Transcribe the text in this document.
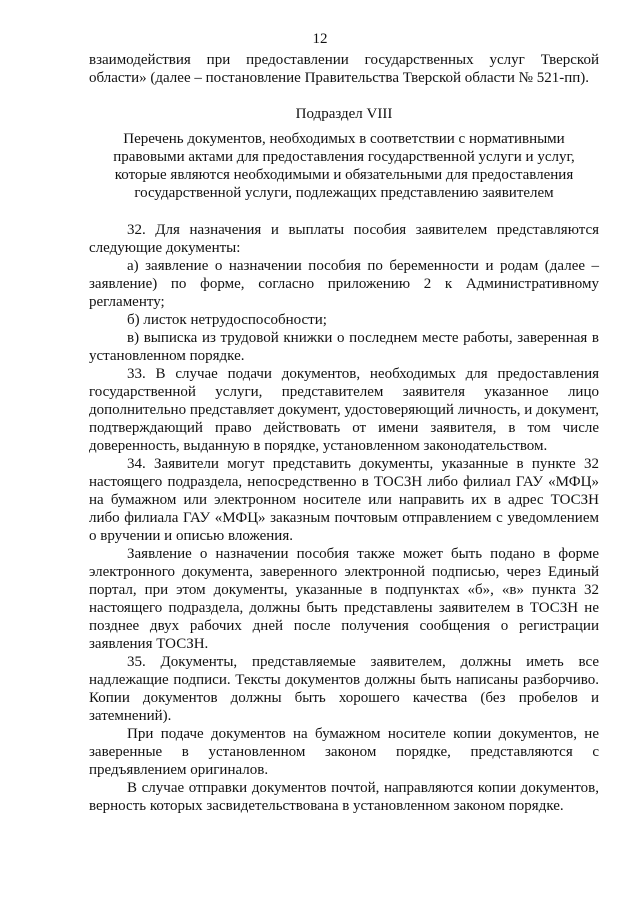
12

взаимодействия при предоставлении государственных услуг Тверской области» (далее – постановление Правительства Тверской области № 521-пп).

Подраздел VIII

Перечень документов, необходимых в соответствии с нормативными правовыми актами для предоставления государственной услуги и услуг, которые являются необходимыми и обязательными для предоставления государственной услуги, подлежащих представлению заявителем

32. Для назначения и выплаты пособия заявителем представляются следующие документы:

а) заявление о назначении пособия по беременности и родам (далее – заявление) по форме, согласно приложению 2 к Административному регламенту;

б) листок нетрудоспособности;

в) выписка из трудовой книжки о последнем месте работы, заверенная в установленном порядке.

33. В случае подачи документов, необходимых для предоставления государственной услуги, представителем заявителя указанное лицо дополнительно представляет документ, удостоверяющий личность, и документ, подтверждающий право действовать от имени заявителя, в том числе доверенность, выданную в порядке, установленном законодательством.

34. Заявители могут представить документы, указанные в пункте 32 настоящего подраздела, непосредственно в ТОСЗН либо филиал ГАУ «МФЦ» на бумажном или электронном носителе или направить их в адрес ТОСЗН либо филиала ГАУ «МФЦ» заказным почтовым отправлением с уведомлением о вручении и описью вложения.

Заявление о назначении пособия также может быть подано в форме электронного документа, заверенного электронной подписью, через Единый портал, при этом документы, указанные в подпунктах «б», «в» пункта 32 настоящего подраздела, должны быть представлены заявителем в ТОСЗН не позднее двух рабочих дней после получения сообщения о регистрации заявления ТОСЗН.

35. Документы, представляемые заявителем, должны иметь все надлежащие подписи. Тексты документов должны быть написаны разборчиво. Копии документов должны быть хорошего качества (без пробелов и затемнений).

При подаче документов на бумажном носителе копии документов, не заверенные в установленном законом порядке, представляются с предъявлением оригиналов.

В случае отправки документов почтой, направляются копии документов, верность которых засвидетельствована в установленном законом порядке.
